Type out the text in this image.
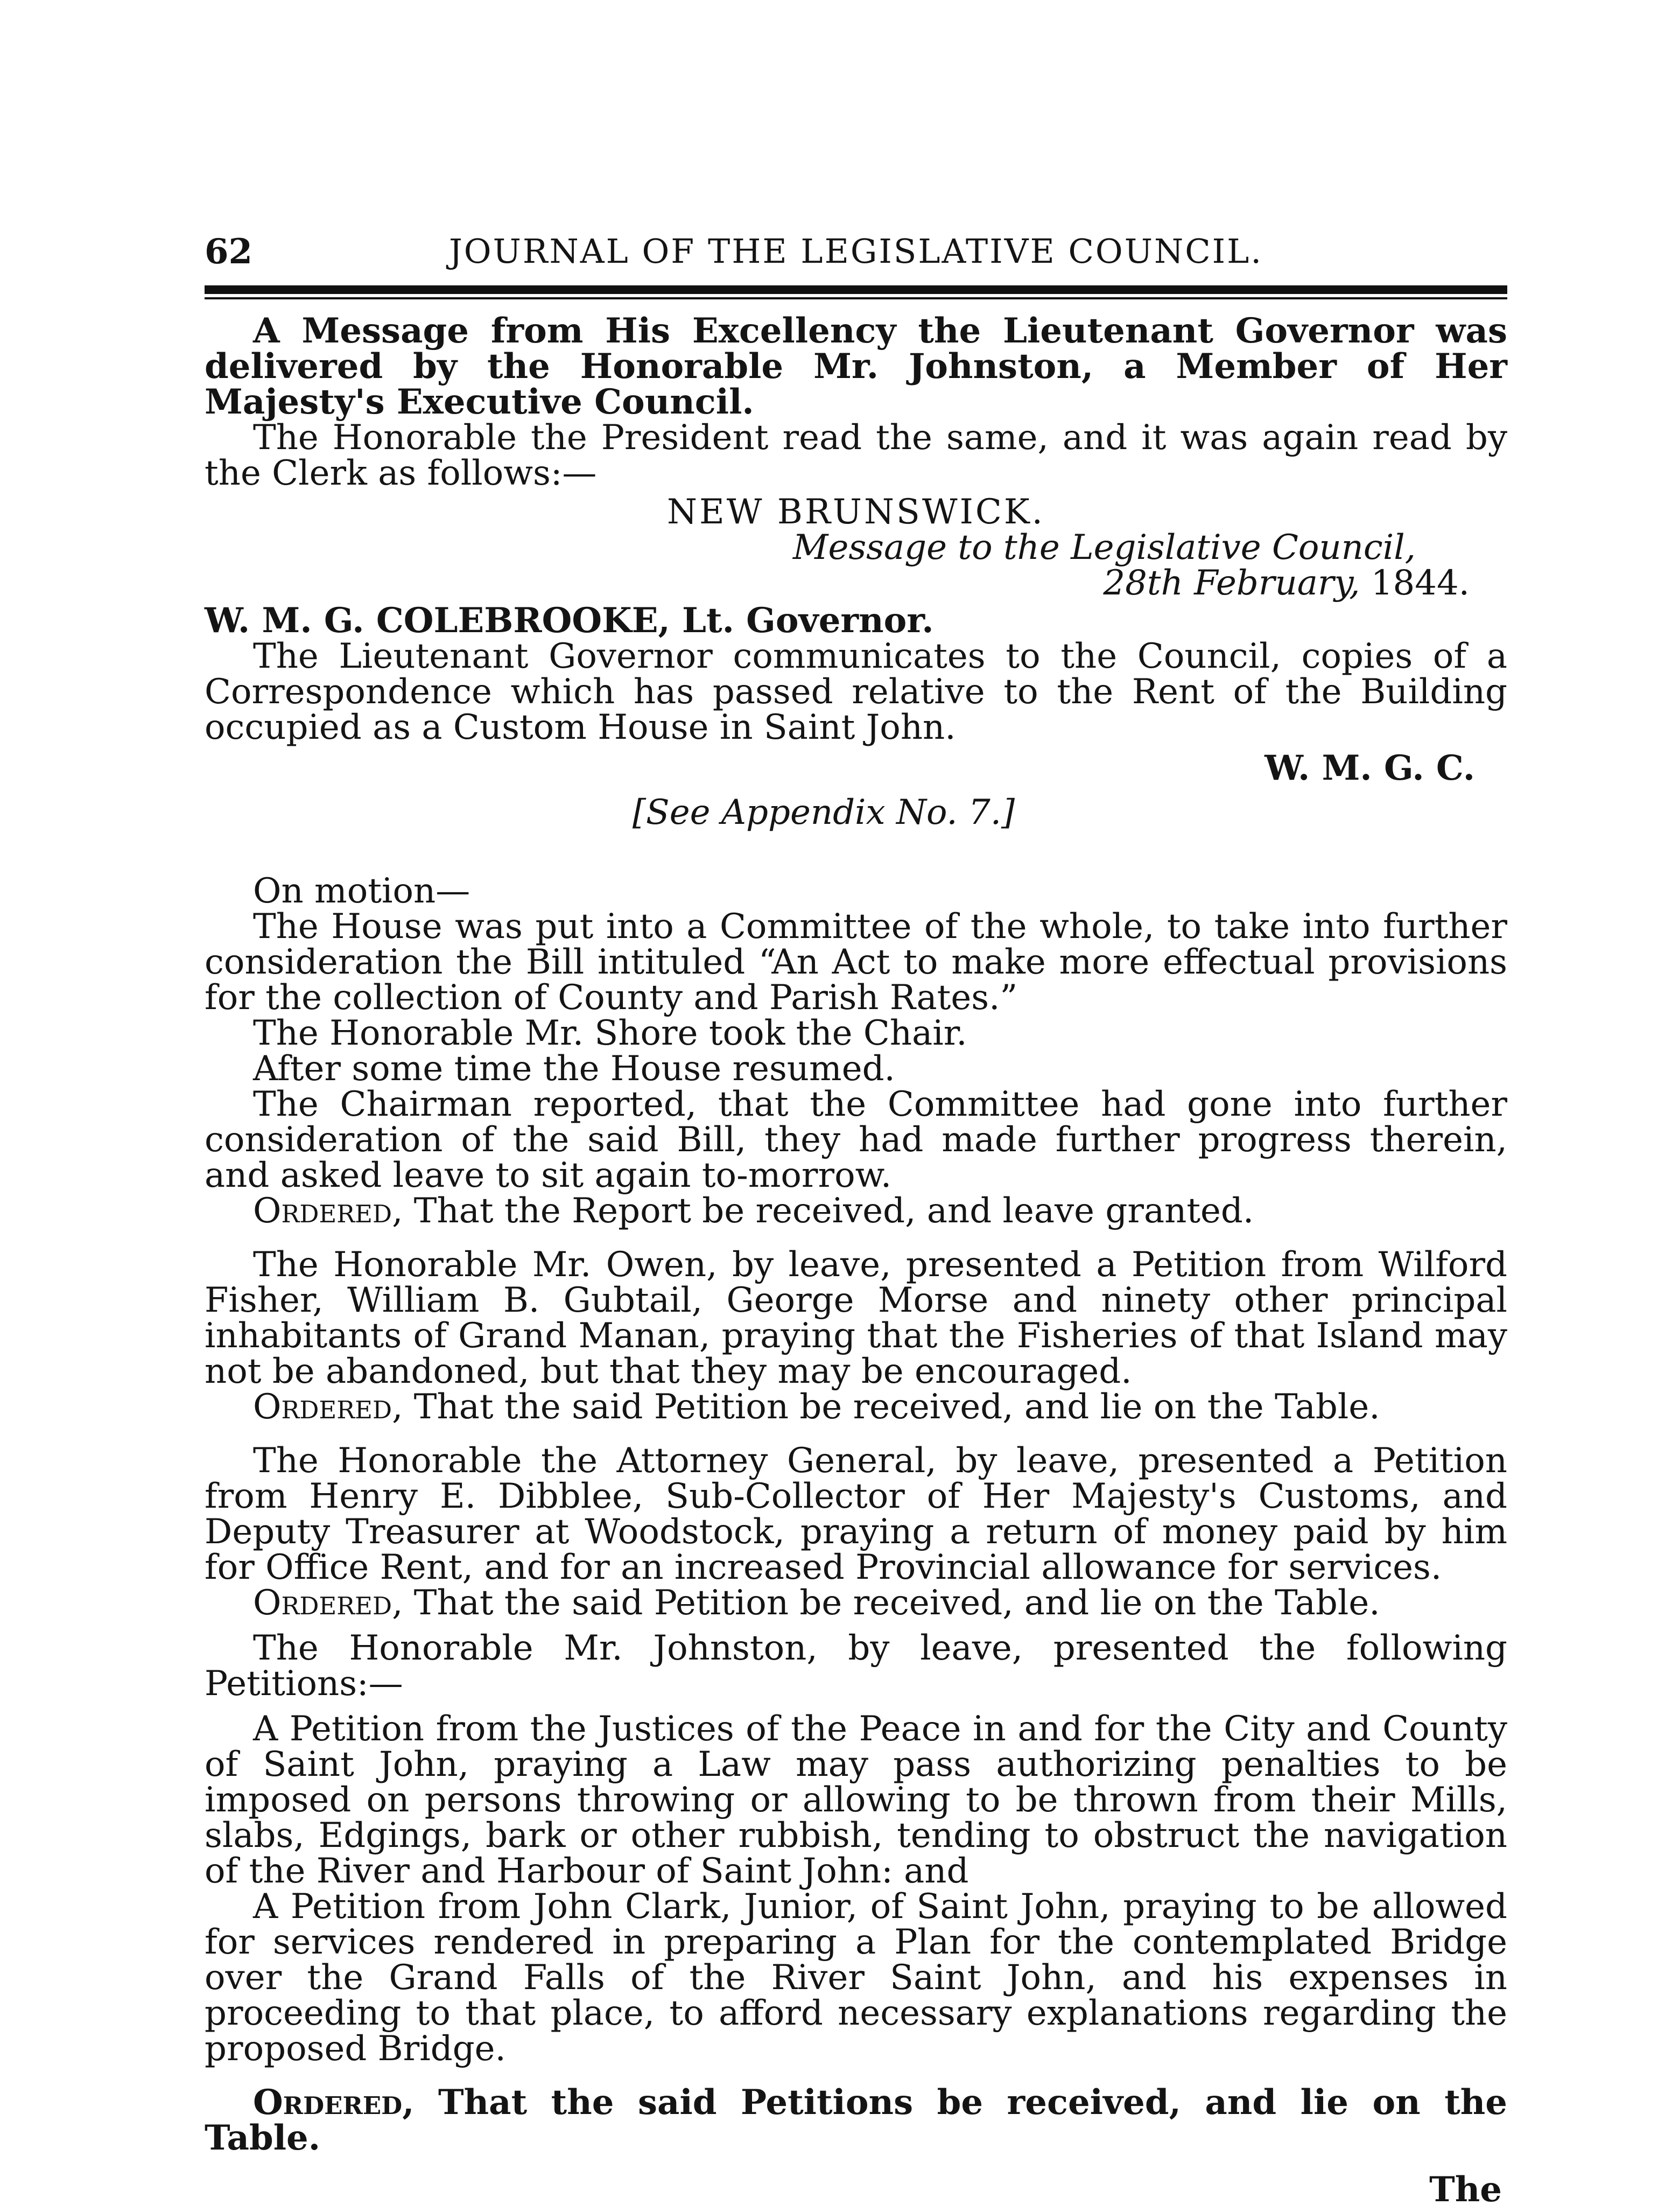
62	JOURNAL OF THE LEGISLATIVE COUNCIL.

A Message from His Excellency the Lieutenant Governor was delivered by the Honorable Mr. Johnston, a Member of Her Majesty's Executive Council.

The Honorable the President read the same, and it was again read by the Clerk as follows:—

NEW BRUNSWICK.

Message to the Legislative Council,

28th February, 1844.

W. M. G. COLEBROOKE, Lt. Governor.

The Lieutenant Governor communicates to the Council, copies of a Correspondence which has passed relative to the Rent of the Building occupied as a Custom House in Saint John.

W. M. G. C.

[See Appendix No. 7.]

On motion—

The House was put into a Committee of the whole, to take into further consideration the Bill intituled “An Act to make more effectual provisions for the collection of County and Parish Rates.”

The Honorable Mr. Shore took the Chair.

After some time the House resumed.

The Chairman reported, that the Committee had gone into further consideration of the said Bill, they had made further progress therein, and asked leave to sit again to-morrow.

Ordered, That the Report be received, and leave granted.

The Honorable Mr. Owen, by leave, presented a Petition from Wilford Fisher, William B. Gubtail, George Morse and ninety other principal inhabitants of Grand Manan, praying that the Fisheries of that Island may not be abandoned, but that they may be encouraged.

Ordered, That the said Petition be received, and lie on the Table.

The Honorable the Attorney General, by leave, presented a Petition from Henry E. Dibblee, Sub-Collector of Her Majesty's Customs, and Deputy Treasurer at Woodstock, praying a return of money paid by him for Office Rent, and for an increased Provincial allowance for services.

Ordered, That the said Petition be received, and lie on the Table.

The Honorable Mr. Johnston, by leave, presented the following Petitions:—

A Petition from the Justices of the Peace in and for the City and County of Saint John, praying a Law may pass authorizing penalties to be imposed on persons throwing or allowing to be thrown from their Mills, slabs, Edgings, bark or other rubbish, tending to obstruct the navigation of the River and Harbour of Saint John: and

A Petition from John Clark, Junior, of Saint John, praying to be allowed for services rendered in preparing a Plan for the contemplated Bridge over the Grand Falls of the River Saint John, and his expenses in proceeding to that place, to afford necessary explanations regarding the proposed Bridge.

Ordered, That the said Petitions be received, and lie on the Table.

The
